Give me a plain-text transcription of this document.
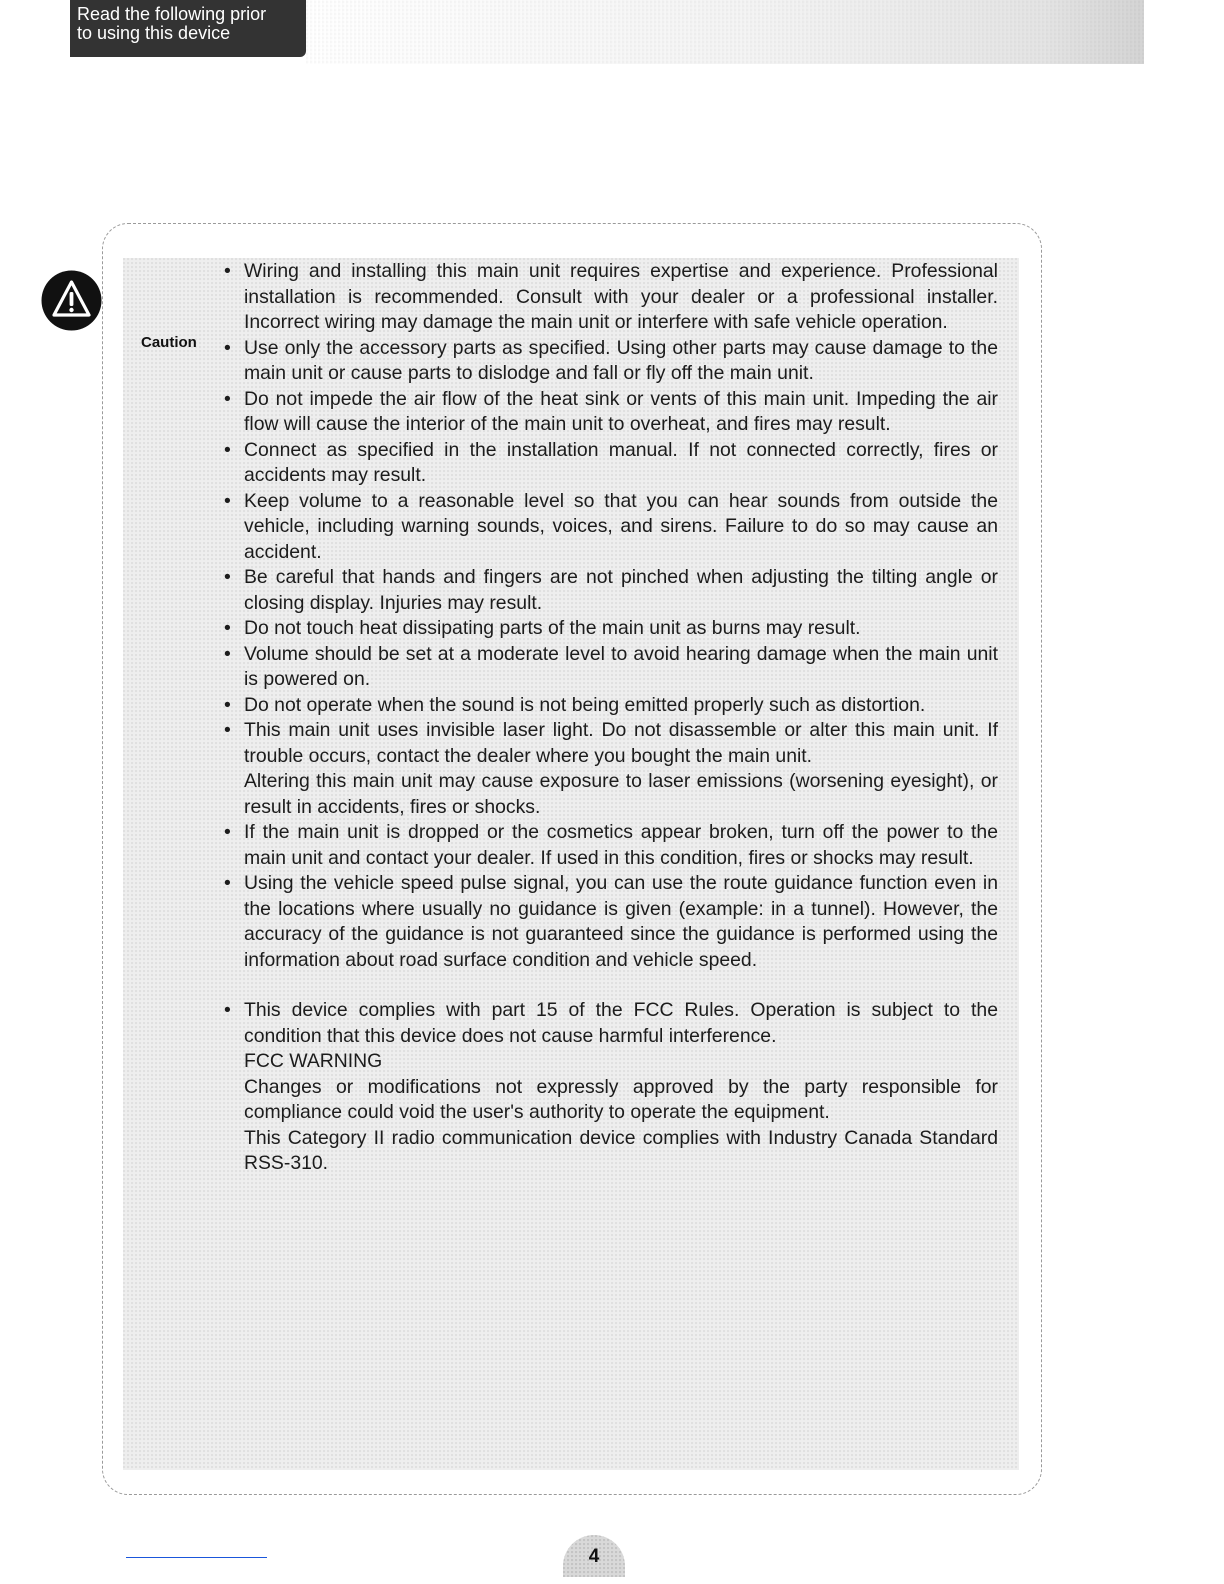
Read the following prior
to using this device
Caution
• Wiring and installing this main unit requires expertise and experience. Professional installation is recommended. Consult with your dealer or a professional installer. Incorrect wiring may damage the main unit or interfere with safe vehicle operation.
• Use only the accessory parts as specified. Using other parts may cause damage to the main unit or cause parts to dislodge and fall or fly off the main unit.
• Do not impede the air flow of the heat sink or vents of this main unit. Impeding the air flow will cause the interior of the main unit to overheat, and fires may result.
• Connect as specified in the installation manual. If not connected correctly, fires or accidents may result.
• Keep volume to a reasonable level so that you can hear sounds from outside the vehicle, including warning sounds, voices, and sirens. Failure to do so may cause an accident.
• Be careful that hands and fingers are not pinched when adjusting the tilting angle or closing display. Injuries may result.
• Do not touch heat dissipating parts of the main unit as burns may result.
• Volume should be set at a moderate level to avoid hearing damage when the main unit is powered on.
• Do not operate when the sound is not being emitted properly such as distortion.
• This main unit uses invisible laser light. Do not disassemble or alter this main unit. If trouble occurs, contact the dealer where you bought the main unit.
Altering this main unit may cause exposure to laser emissions (worsening eyesight), or result in accidents, fires or shocks.
• If the main unit is dropped or the cosmetics appear broken, turn off the power to the main unit and contact your dealer. If used in this condition, fires or shocks may result.
• Using the vehicle speed pulse signal, you can use the route guidance function even in the locations where usually no guidance is given (example: in a tunnel). However, the accuracy of the guidance is not guaranteed since the guidance is performed using the information about road surface condition and vehicle speed.
• This device complies with part 15 of the FCC Rules. Operation is subject to the condition that this device does not cause harmful interference.
FCC WARNING
Changes or modifications not expressly approved by the party responsible for compliance could void the user's authority to operate the equipment.
This Category II radio communication device complies with Industry Canada Standard RSS-310.
4
